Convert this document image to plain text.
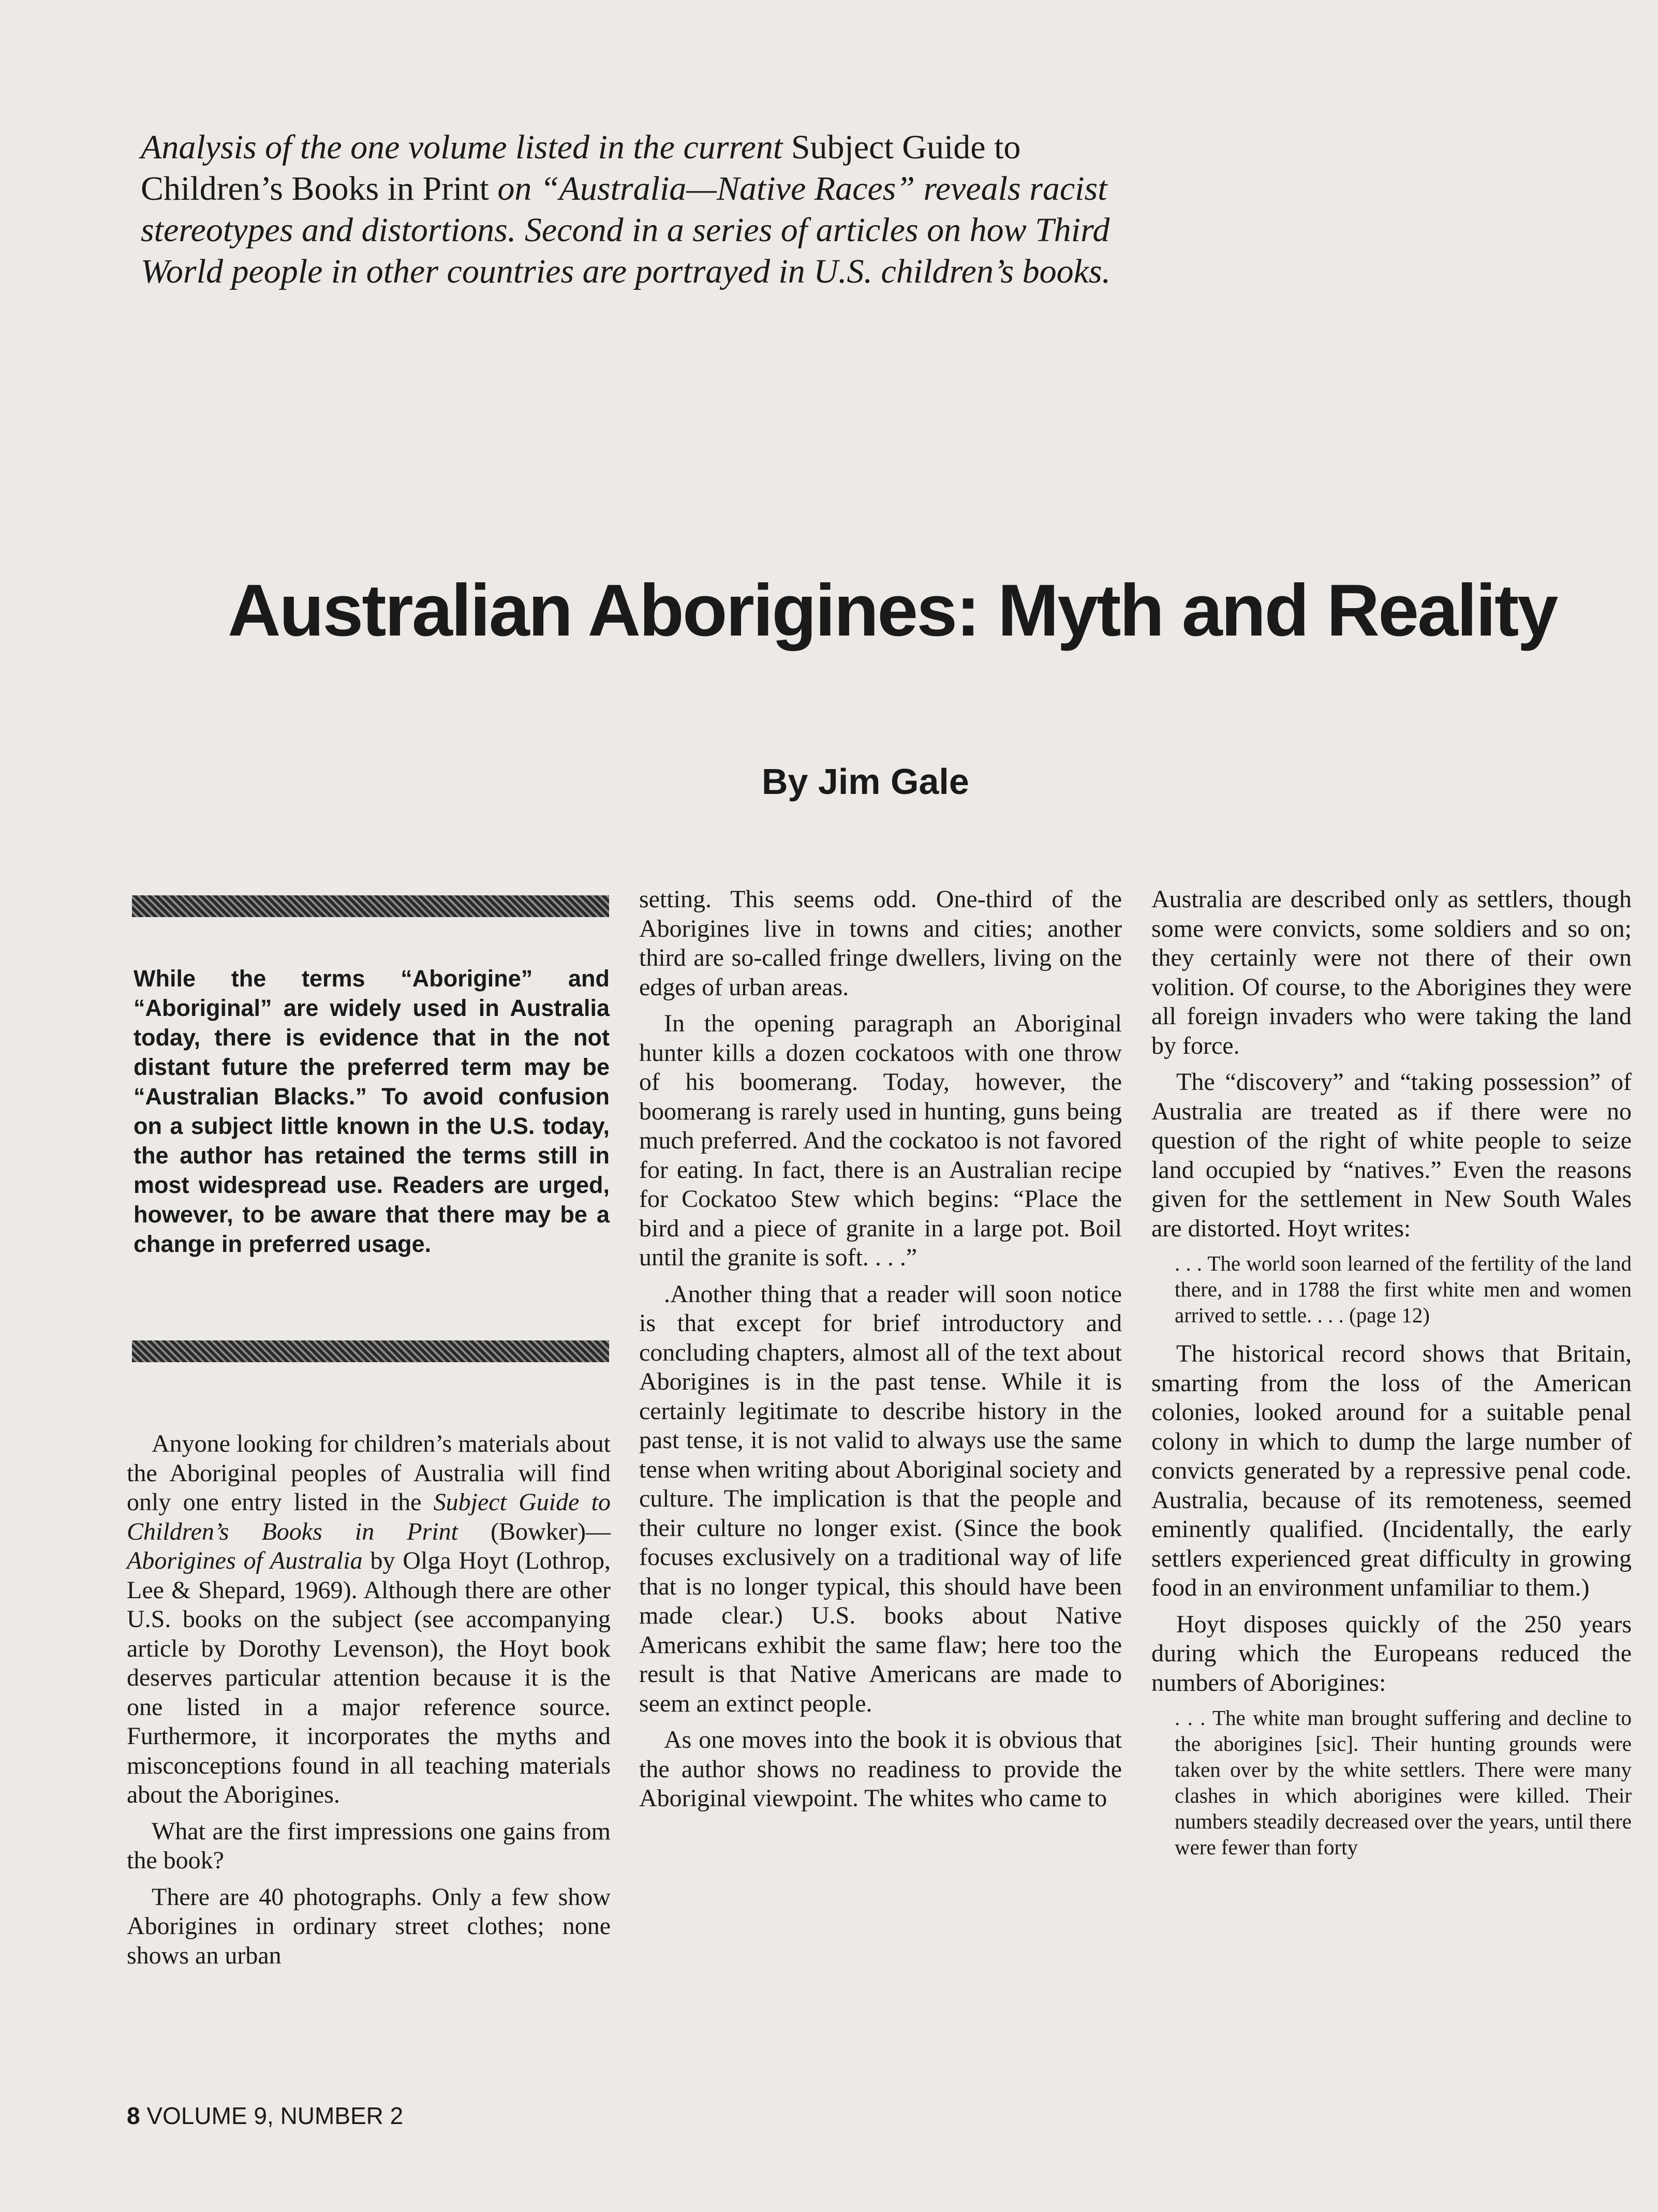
Analysis of the one volume listed in the current Subject Guide to Children’s Books in Print on “Australia—Native Races” reveals racist stereotypes and distortions. Second in a series of articles on how Third World people in other countries are portrayed in U.S. children’s books.

Australian Aborigines: Myth and Reality
By Jim Gale

While the terms “Aborigine” and “Aboriginal” are widely used in Australia today, there is evidence that in the not distant future the preferred term may be “Australian Blacks.” To avoid confusion on a subject little known in the U.S. today, the author has retained the terms still in most widespread use. Readers are urged, however, to be aware that there may be a change in preferred usage.

Anyone looking for children’s materials about the Aboriginal peoples of Australia will find only one entry listed in the Subject Guide to Children’s Books in Print (Bowker)—Aborigines of Australia by Olga Hoyt (Lothrop, Lee & Shepard, 1969). Although there are other U.S. books on the subject (see accompanying article by Dorothy Levenson), the Hoyt book deserves particular attention because it is the one listed in a major reference source. Furthermore, it incorporates the myths and misconceptions found in all teaching materials about the Aborigines.

What are the first impressions one gains from the book?

There are 40 photographs. Only a few show Aborigines in ordinary street clothes; none shows an urban

setting. This seems odd. One-third of the Aborigines live in towns and cities; another third are so-called fringe dwellers, living on the edges of urban areas.

In the opening paragraph an Aboriginal hunter kills a dozen cockatoos with one throw of his boomerang. Today, however, the boomerang is rarely used in hunting, guns being much preferred. And the cockatoo is not favored for eating. In fact, there is an Australian recipe for Cockatoo Stew which begins: “Place the bird and a piece of granite in a large pot. Boil until the granite is soft. . . .”

.Another thing that a reader will soon notice is that except for brief introductory and concluding chapters, almost all of the text about Aborigines is in the past tense. While it is certainly legitimate to describe history in the past tense, it is not valid to always use the same tense when writing about Aboriginal society and culture. The implication is that the people and their culture no longer exist. (Since the book focuses exclusively on a traditional way of life that is no longer typical, this should have been made clear.) U.S. books about Native Americans exhibit the same flaw; here too the result is that Native Americans are made to seem an extinct people.

As one moves into the book it is obvious that the author shows no readiness to provide the Aboriginal viewpoint. The whites who came to

Australia are described only as settlers, though some were convicts, some soldiers and so on; they certainly were not there of their own volition. Of course, to the Aborigines they were all foreign invaders who were taking the land by force.

The “discovery” and “taking possession” of Australia are treated as if there were no question of the right of white people to seize land occupied by “natives.” Even the reasons given for the settlement in New South Wales are distorted. Hoyt writes:

. . . The world soon learned of the fertility of the land there, and in 1788 the first white men and women arrived to settle. . . . (page 12)

The historical record shows that Britain, smarting from the loss of the American colonies, looked around for a suitable penal colony in which to dump the large number of convicts generated by a repressive penal code. Australia, because of its remoteness, seemed eminently qualified. (Incidentally, the early settlers experienced great difficulty in growing food in an environment unfamiliar to them.)

Hoyt disposes quickly of the 250 years during which the Europeans reduced the numbers of Aborigines:

. . . The white man brought suffering and decline to the aborigines [sic]. Their hunting grounds were taken over by the white settlers. There were many clashes in which aborigines were killed. Their numbers steadily decreased over the years, until there were fewer than forty

8 VOLUME 9, NUMBER 2
